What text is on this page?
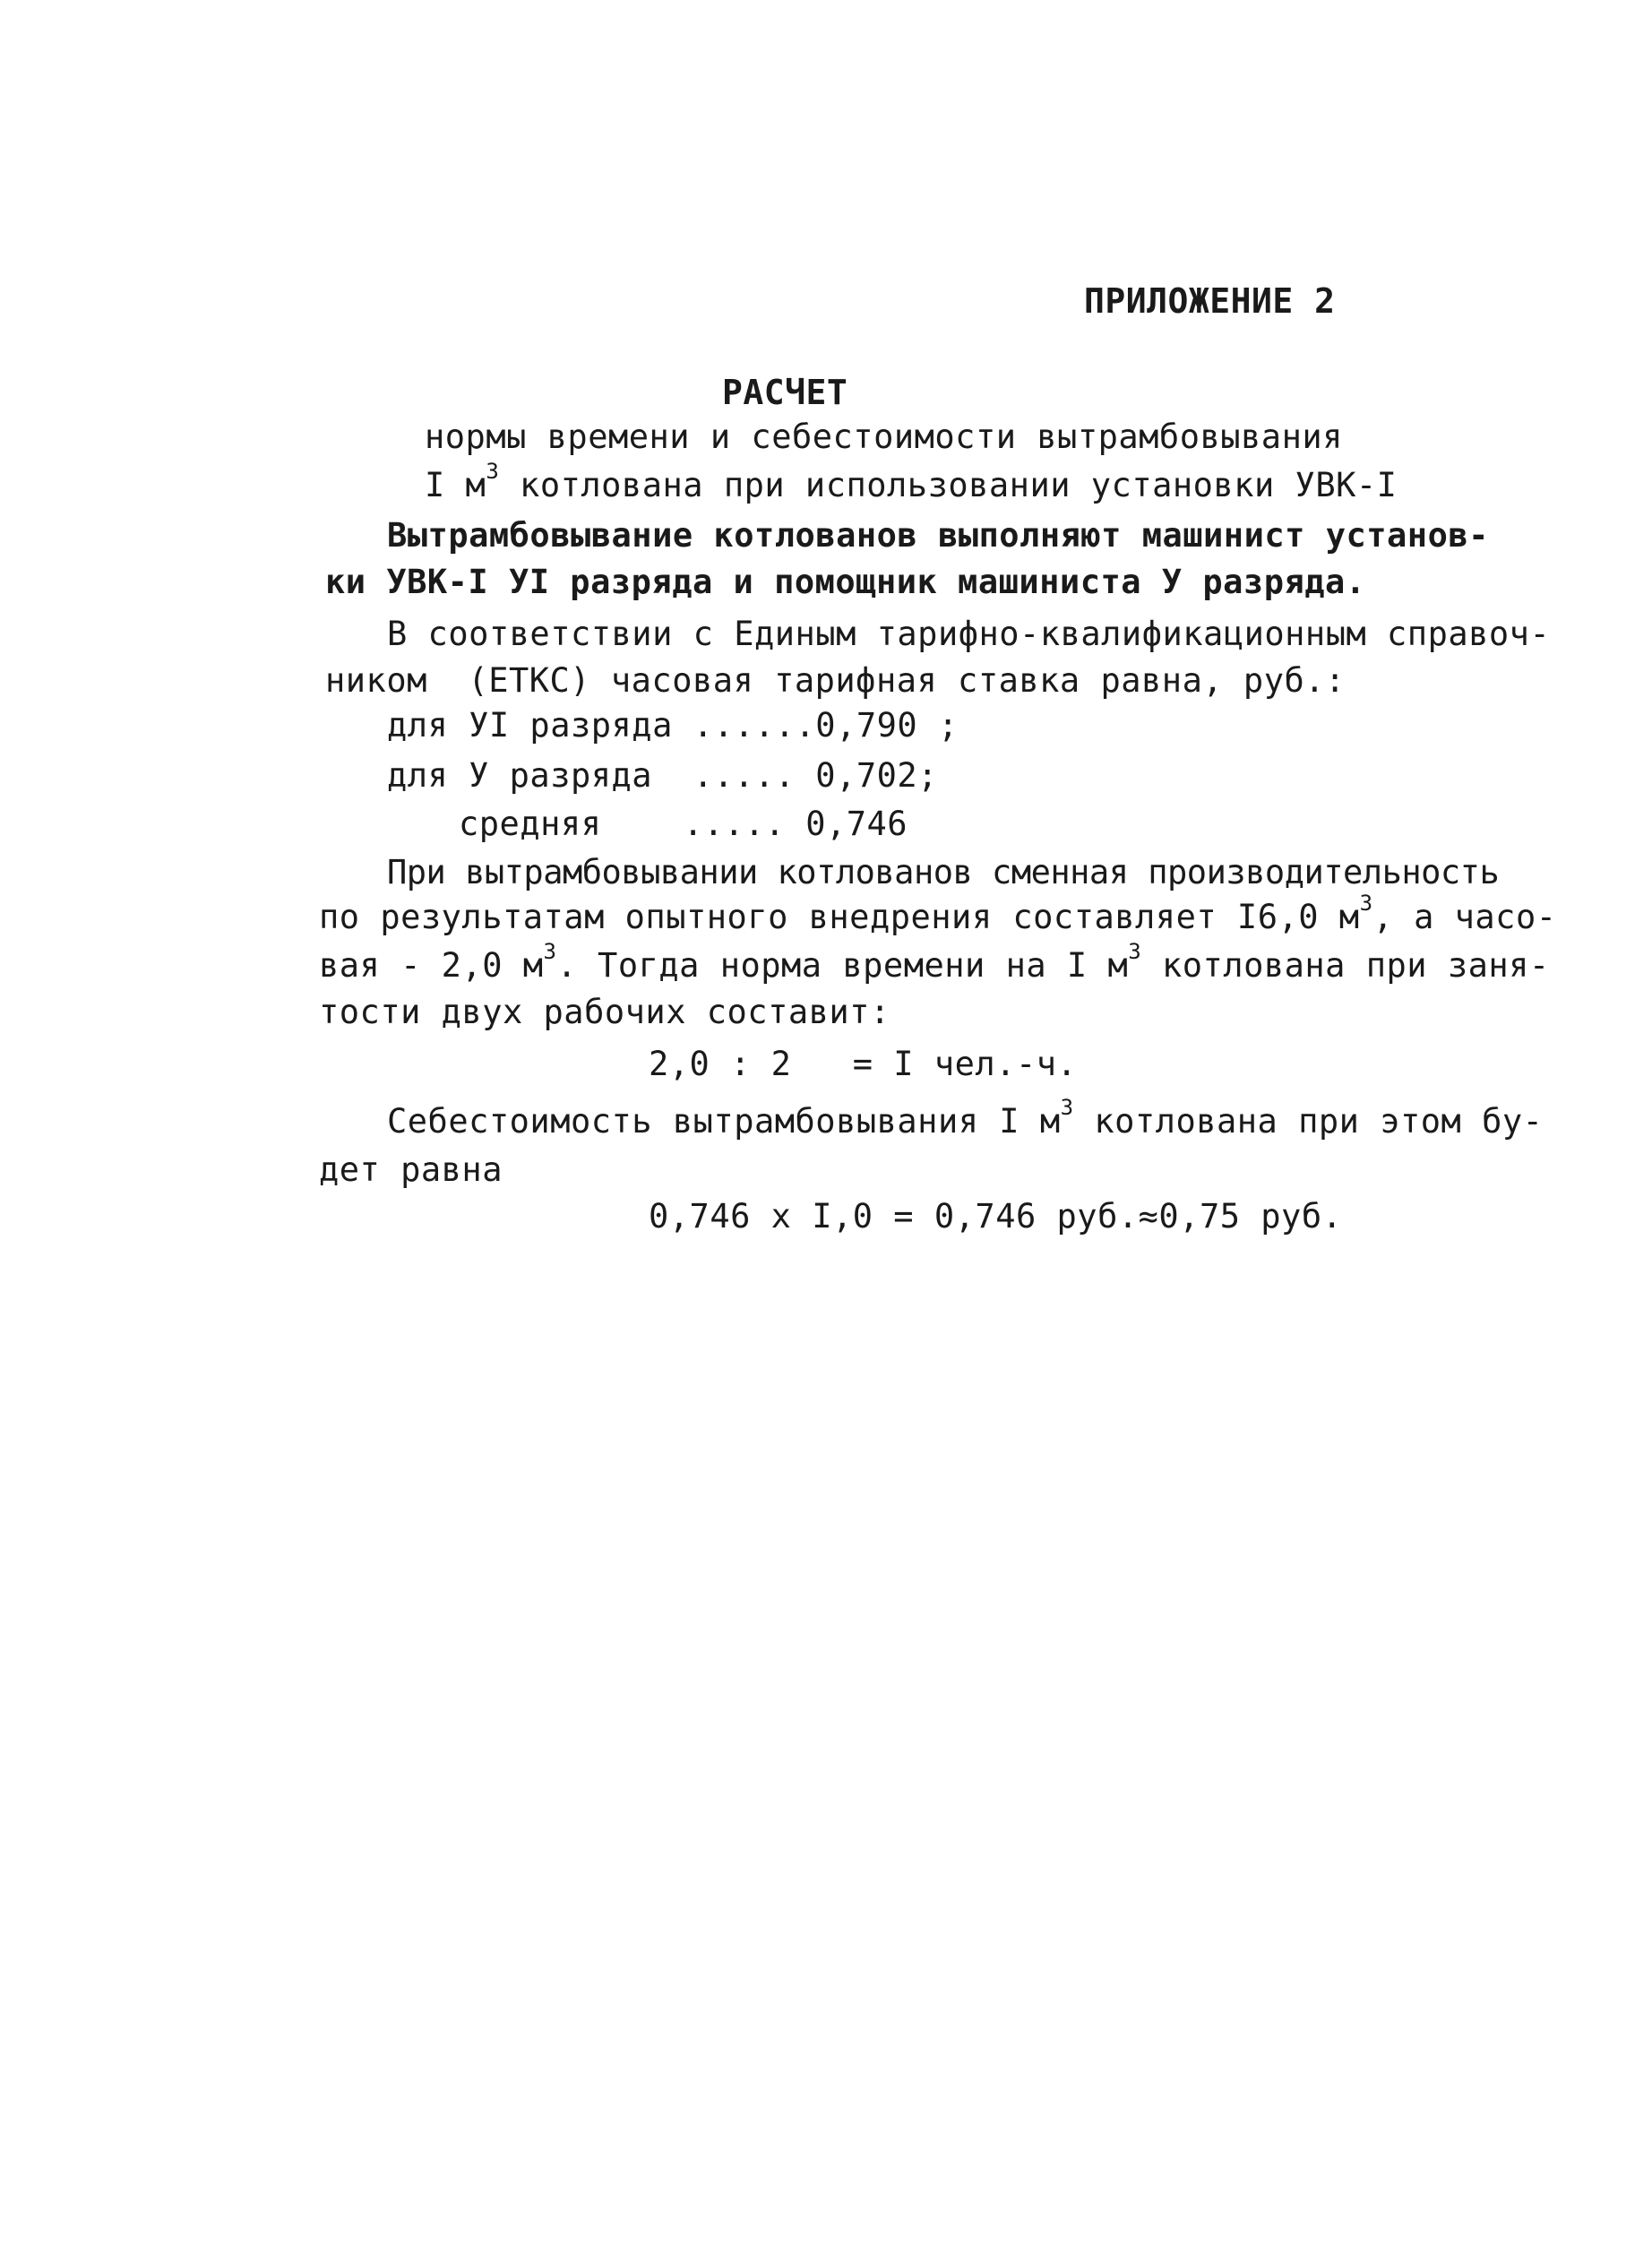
ПРИЛОЖЕНИЕ 2
РАСЧЕТ
нормы времени и себестоимости вытрамбовывания
I $м^3$ котлована при использовании установки УВК-I
Вытрамбовывание котлованов выполняют машинист установ-
ки УВК-I УI разряда и помощник машиниста У разряда.
В соответствии с Единым тарифно-квалификационным справоч-
ником  (ЕТКС) часовая тарифная ставка равна, руб.:
для УI разряда ......0,790 ;
для У разряда  ..... 0,702;
средняя    ..... 0,746
При вытрамбовывании котлованов сменная производительность
по результатам опытного внедрения составляет I6,0 $м^3$, а часо-
вая - 2,0 $м^3$. Тогда норма времени на I $м^3$ котлована при заня-
тости двух рабочих составит:
2,0 : 2   = I чел.-ч.
Себестоимость вытрамбовывания I $м^3$ котлована при этом бу-
дет равна
0,746 x I,0 = 0,746 руб.≈0,75 руб.
